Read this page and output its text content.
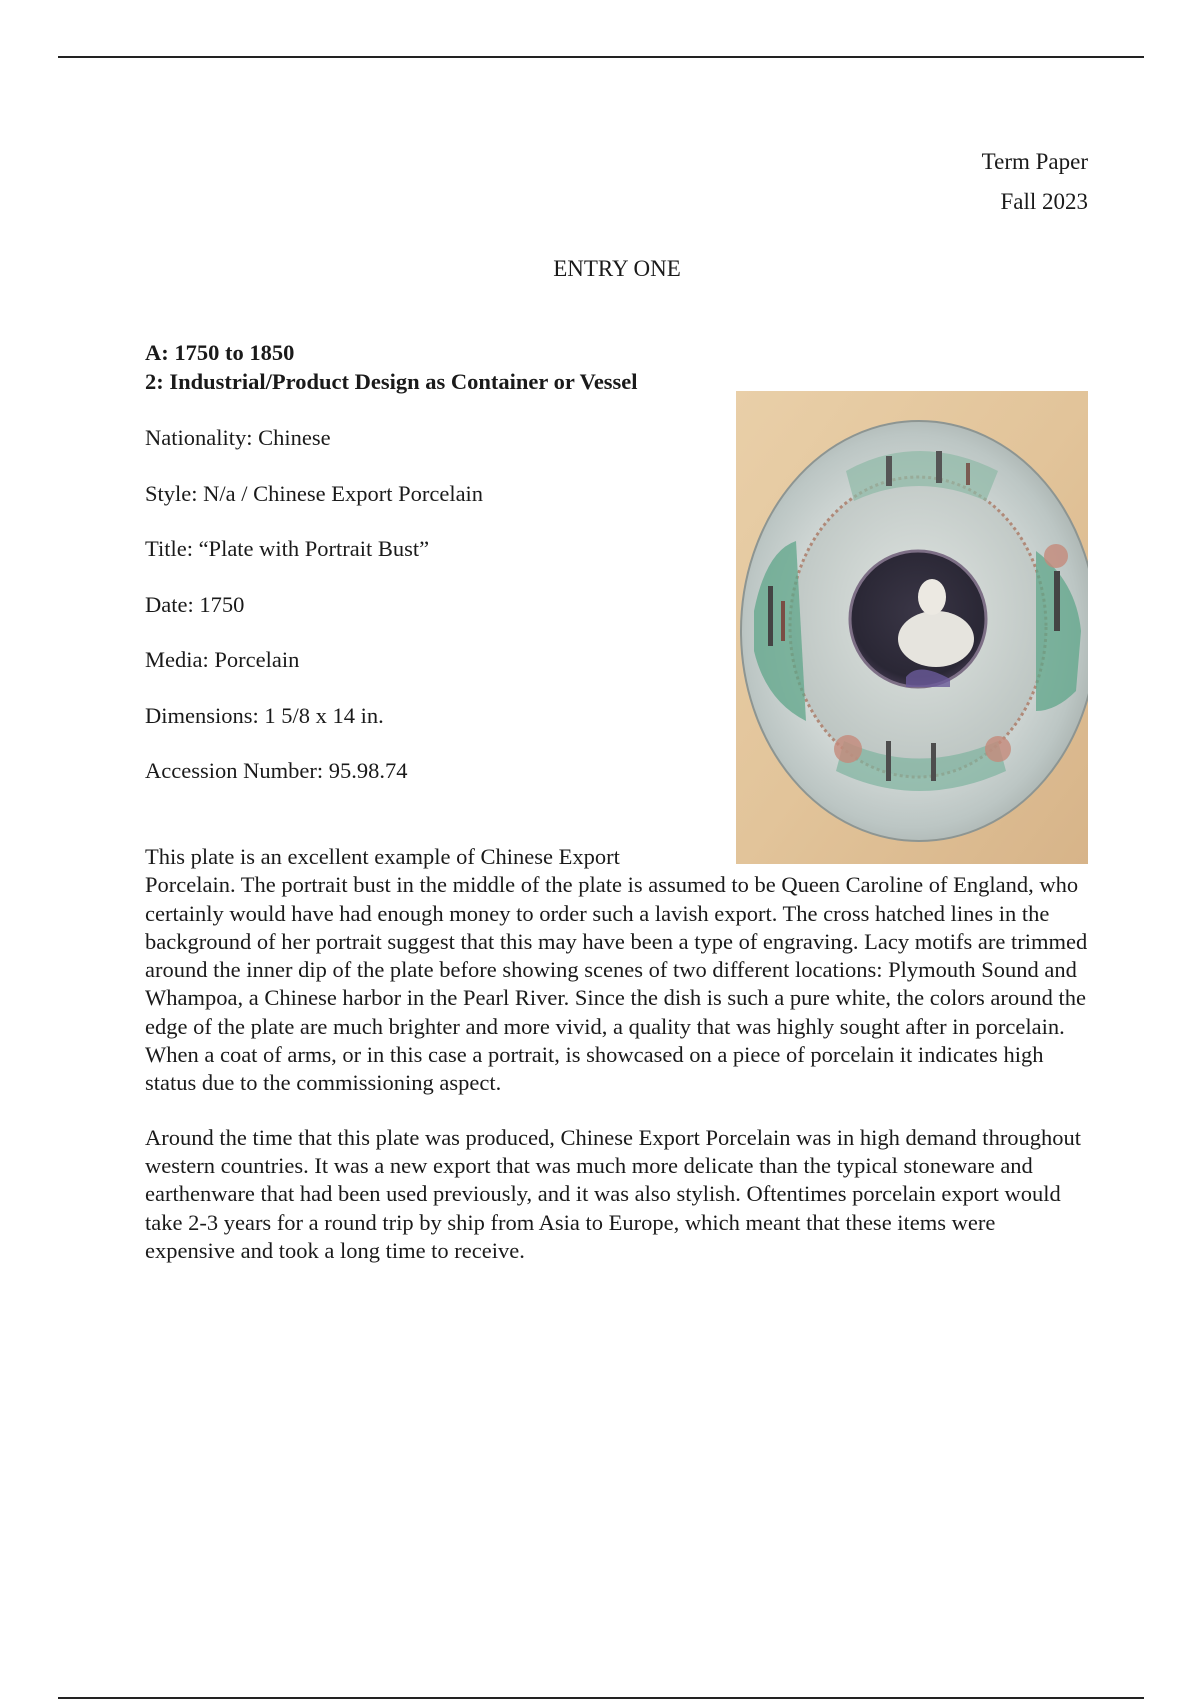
Term Paper
Fall 2023
ENTRY ONE
A: 1750 to 1850
2: Industrial/Product Design as Container or Vessel
Nationality: Chinese
Style: N/a / Chinese Export Porcelain
Title: “Plate with Portrait Bust”
Date: 1750
Media: Porcelain
Dimensions: 1 5/8 x 14 in.
Accession Number: 95.98.74

This plate is an excellent example of Chinese Export
Porcelain. The portrait bust in the middle of the plate is assumed to be Queen Caroline of England, who certainly would have had enough money to order such a lavish export. The cross hatched lines in the background of her portrait suggest that this may have been a type of engraving. Lacy motifs are trimmed around the inner dip of the plate before showing scenes of two different locations: Plymouth Sound and Whampoa, a Chinese harbor in the Pearl River. Since the dish is such a pure white, the colors around the edge of the plate are much brighter and more vivid, a quality that was highly sought after in porcelain. When a coat of arms, or in this case a portrait, is showcased on a piece of porcelain it indicates high status due to the commissioning aspect.

Around the time that this plate was produced, Chinese Export Porcelain was in high demand throughout western countries. It was a new export that was much more delicate than the typical stoneware and earthenware that had been used previously, and it was also stylish. Oftentimes porcelain export would take 2-3 years for a round trip by ship from Asia to Europe, which meant that these items were expensive and took a long time to receive.
